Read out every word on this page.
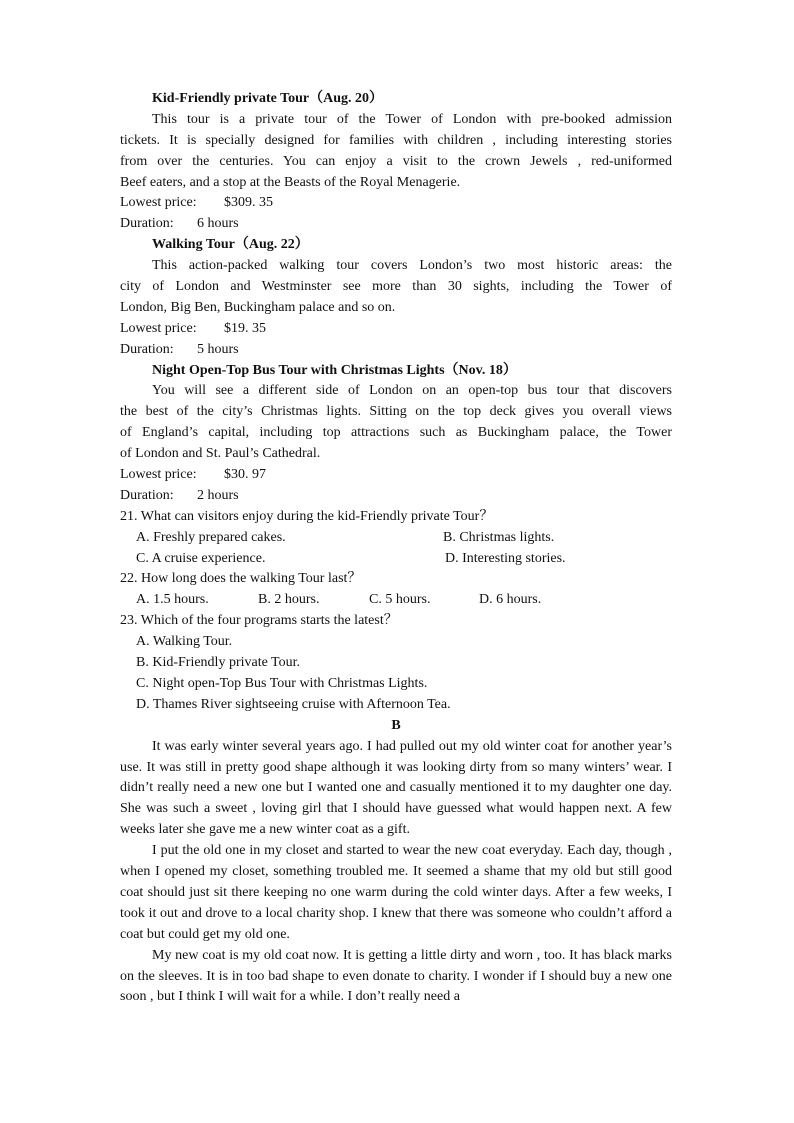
Kid-Friendly private Tour（Aug. 20）
This tour is a private tour of the Tower of London with pre-booked admission
tickets. It is specially designed for families with children , including interesting stories
from over the centuries. You can enjoy a visit to the crown Jewels , red-uniformed
Beef eaters, and a stop at the Beasts of the Royal Menagerie.
Lowest price:	$309. 35
Duration:	6 hours
Walking Tour（Aug. 22）
This action-packed walking tour covers London’s two most historic areas: the
city of London and Westminster see more than 30 sights, including the Tower of
London, Big Ben, Buckingham palace and so on.
Lowest price:	$19. 35
Duration:	5 hours
Night Open-Top Bus Tour with Christmas Lights（Nov. 18）
You will see a different side of London on an open-top bus tour that discovers
the best of the city’s Christmas lights. Sitting on the top deck gives you overall views
of England’s capital, including top attractions such as Buckingham palace, the Tower
of London and St. Paul’s Cathedral.
Lowest price:	$30. 97
Duration:	2 hours
21. What can visitors enjoy during the kid-Friendly private Tour？
A. Freshly prepared cakes.	B. Christmas lights.
C. A cruise experience.	D. Interesting stories.
22. How long does the walking Tour last？
A. 1.5 hours.	B. 2 hours.	C. 5 hours.	D. 6 hours.
23. Which of the four programs starts the latest？
A. Walking Tour.
B. Kid-Friendly private Tour.
C. Night open-Top Bus Tour with Christmas Lights.
D. Thames River sightseeing cruise with Afternoon Tea.
B

It was early winter several years ago. I had pulled out my old winter coat for another year’s use. It was still in pretty good shape although it was looking dirty from so many winters’ wear. I didn’t really need a new one but I wanted one and casually mentioned it to my daughter one day. She was such a sweet , loving girl that I should have guessed what would happen next. A few weeks later she gave me a new winter coat as a gift.

I put the old one in my closet and started to wear the new coat everyday. Each day, though , when I opened my closet, something troubled me. It seemed a shame that my old but still good coat should just sit there keeping no one warm during the cold winter days. After a few weeks, I took it out and drove to a local charity shop. I knew that there was someone who couldn’t afford a coat but could get my old one.

My new coat is my old coat now. It is getting a little dirty and worn , too. It has black marks on the sleeves. It is in too bad shape to even donate to charity. I wonder if I should buy a new one soon , but I think I will wait for a while. I don’t really need a
